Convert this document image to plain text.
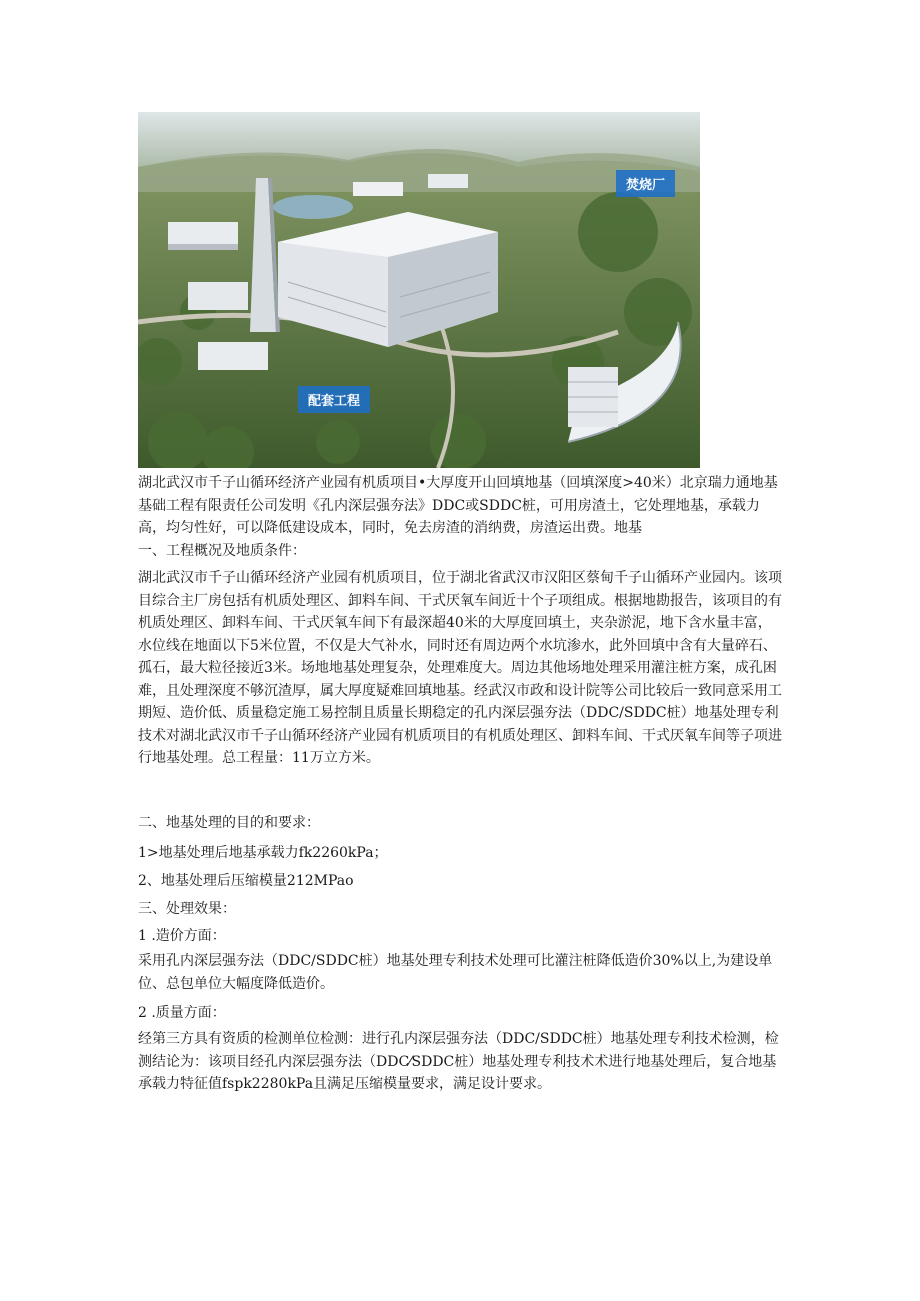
焚烧厂
配套工程

湖北武汉市千子山循环经济产业园有机质项目•大厚度开山回填地基（回填深度>40米）北京瑞力通地基基础工程有限责任公司发明《孔内深层强夯法》DDC或SDDC桩，可用房渣土，它处理地基，承载力高，均匀性好，可以降低建设成本，同时，免去房渣的消纳费，房渣运出费。地基

一、工程概况及地质条件：

湖北武汉市千子山循环经济产业园有机质项目，位于湖北省武汉市汉阳区蔡甸千子山循环产业园内。该项目综合主厂房包括有机质处理区、卸料车间、干式厌氧车间近十个子项组成。根据地勘报告，该项目的有机质处理区、卸料车间、干式厌氧车间下有最深超40米的大厚度回填土，夹杂淤泥，地下含水量丰富，水位线在地面以下5米位置，不仅是大气补水，同时还有周边两个水坑渗水，此外回填中含有大量碎石、孤石，最大粒径接近3米。场地地基处理复杂，处理难度大。周边其他场地处理采用灌注桩方案，成孔困难，且处理深度不够沉渣厚，属大厚度疑难回填地基。经武汉市政和设计院等公司比较后一致同意采用工期短、造价低、质量稳定施工易控制且质量长期稳定的孔内深层强夯法（DDC/SDDC桩）地基处理专利技术对湖北武汉市千子山循环经济产业园有机质项目的有机质处理区、卸料车间、干式厌氧车间等子项进行地基处理。总工程量：11万立方米。

二、地基处理的目的和要求：
1>地基处理后地基承载力fk2260kPa；
2、地基处理后压缩模量212MPao
三、处理效果：
1 .造价方面：

采用孔内深层强夯法（DDC/SDDC桩）地基处理专利技术处理可比灌注桩降低造价30%以上,为建设单位、总包单位大幅度降低造价。

2 .质量方面：

经第三方具有资质的检测单位检测：进行孔内深层强夯法（DDC/SDDC桩）地基处理专利技术检测，检测结论为：该项目经孔内深层强夯法（DDC⁄SDDC桩）地基处理专利技术术进行地基处理后，复合地基承载力特征值fspk2280kPa且满足压缩模量要求，满足设计要求。
